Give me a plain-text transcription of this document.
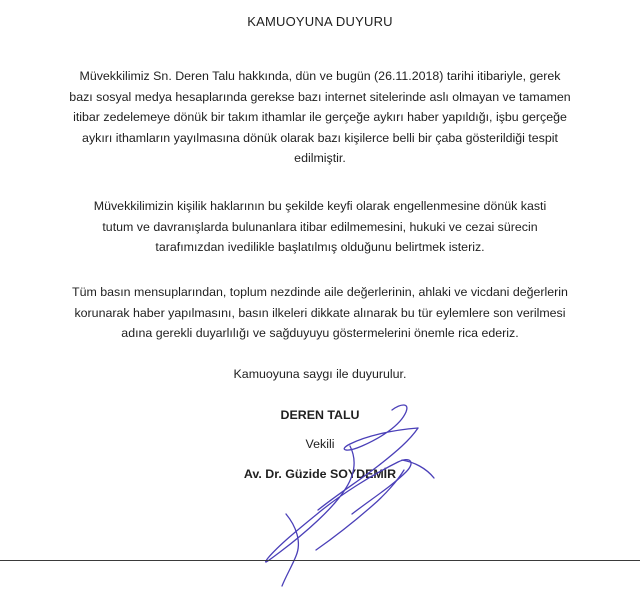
KAMUOYUNA DUYURU
Müvekkilimiz Sn. Deren Talu hakkında, dün ve bugün (26.11.2018) tarihi itibariyle, gerek
bazı sosyal medya hesaplarında gerekse bazı internet sitelerinde aslı olmayan ve tamamen
itibar zedelemeye dönük bir takım ithamlar ile gerçeğe aykırı haber yapıldığı, işbu gerçeğe
aykırı ithamların yayılmasına dönük olarak bazı kişilerce belli bir çaba gösterildiği tespit
edilmiştir.
Müvekkilimizin kişilik haklarının bu şekilde keyfi olarak engellenmesine dönük kasti
tutum ve davranışlarda bulunanlara itibar edilmemesini, hukuki ve cezai sürecin
tarafımızdan ivedilikle başlatılmış olduğunu belirtmek isteriz.
Tüm basın mensuplarından, toplum nezdinde aile değerlerinin, ahlaki ve vicdani değerlerin
korunarak haber yapılmasını, basın ilkeleri dikkate alınarak bu tür eylemlere son verilmesi
adına gerekli duyarlılığı ve sağduyuyu göstermelerini önemle rica ederiz.
Kamuoyuna saygı ile duyurulur.
DEREN TALU
Vekili
Av. Dr. Güzide SOYDEMİR
